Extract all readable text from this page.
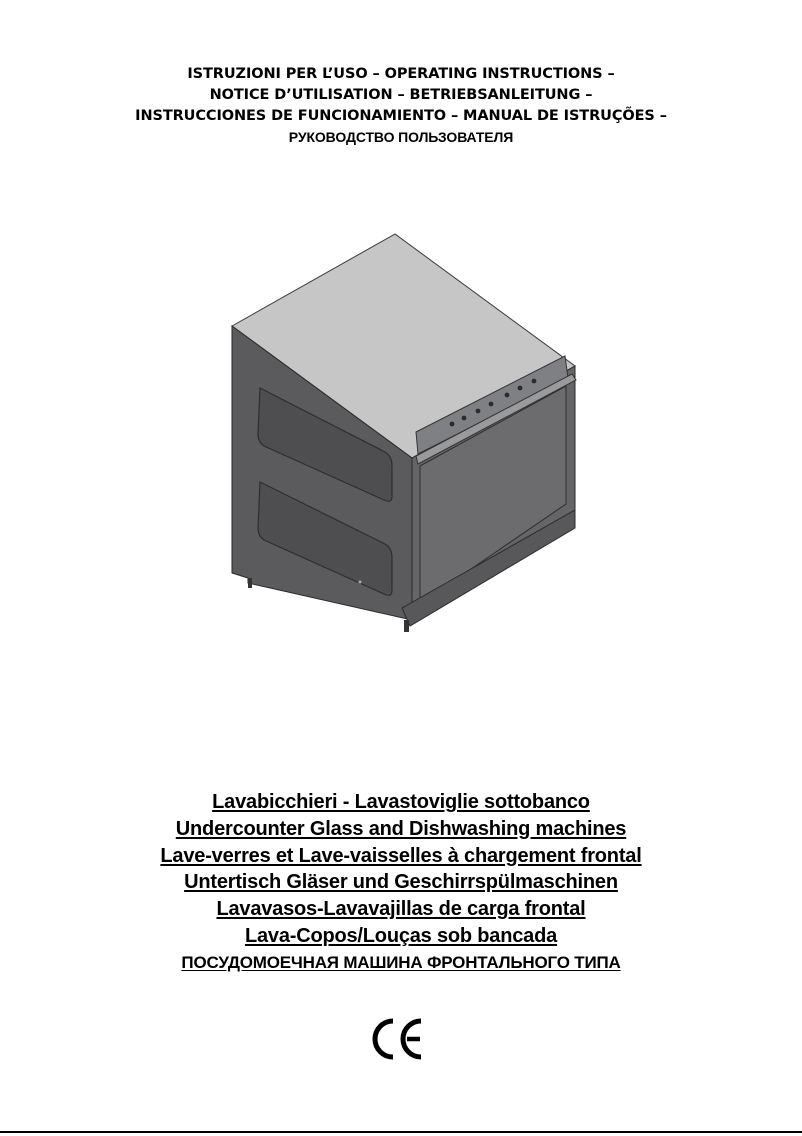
ISTRUZIONI PER L’USO – OPERATING INSTRUCTIONS –
NOTICE D’UTILISATION – BETRIEBSANLEITUNG –
INSTRUCCIONES DE FUNCIONAMIENTO – MANUAL DE ISTRUÇÕES –
РУКОВОДСТВО ПОЛЬЗОВАТЕЛЯ
Lavabicchieri - Lavastoviglie sottobanco
Undercounter Glass and Dishwashing machines
Lave-verres et Lave-vaisselles à chargement frontal
Untertisch Gläser und Geschirrspülmaschinen
Lavavasos-Lavavajillas de carga frontal
Lava-Copos/Louças sob bancada
ПОСУДОМОЕЧНАЯ МАШИНА ФРОНТАЛЬНОГО ТИПА
